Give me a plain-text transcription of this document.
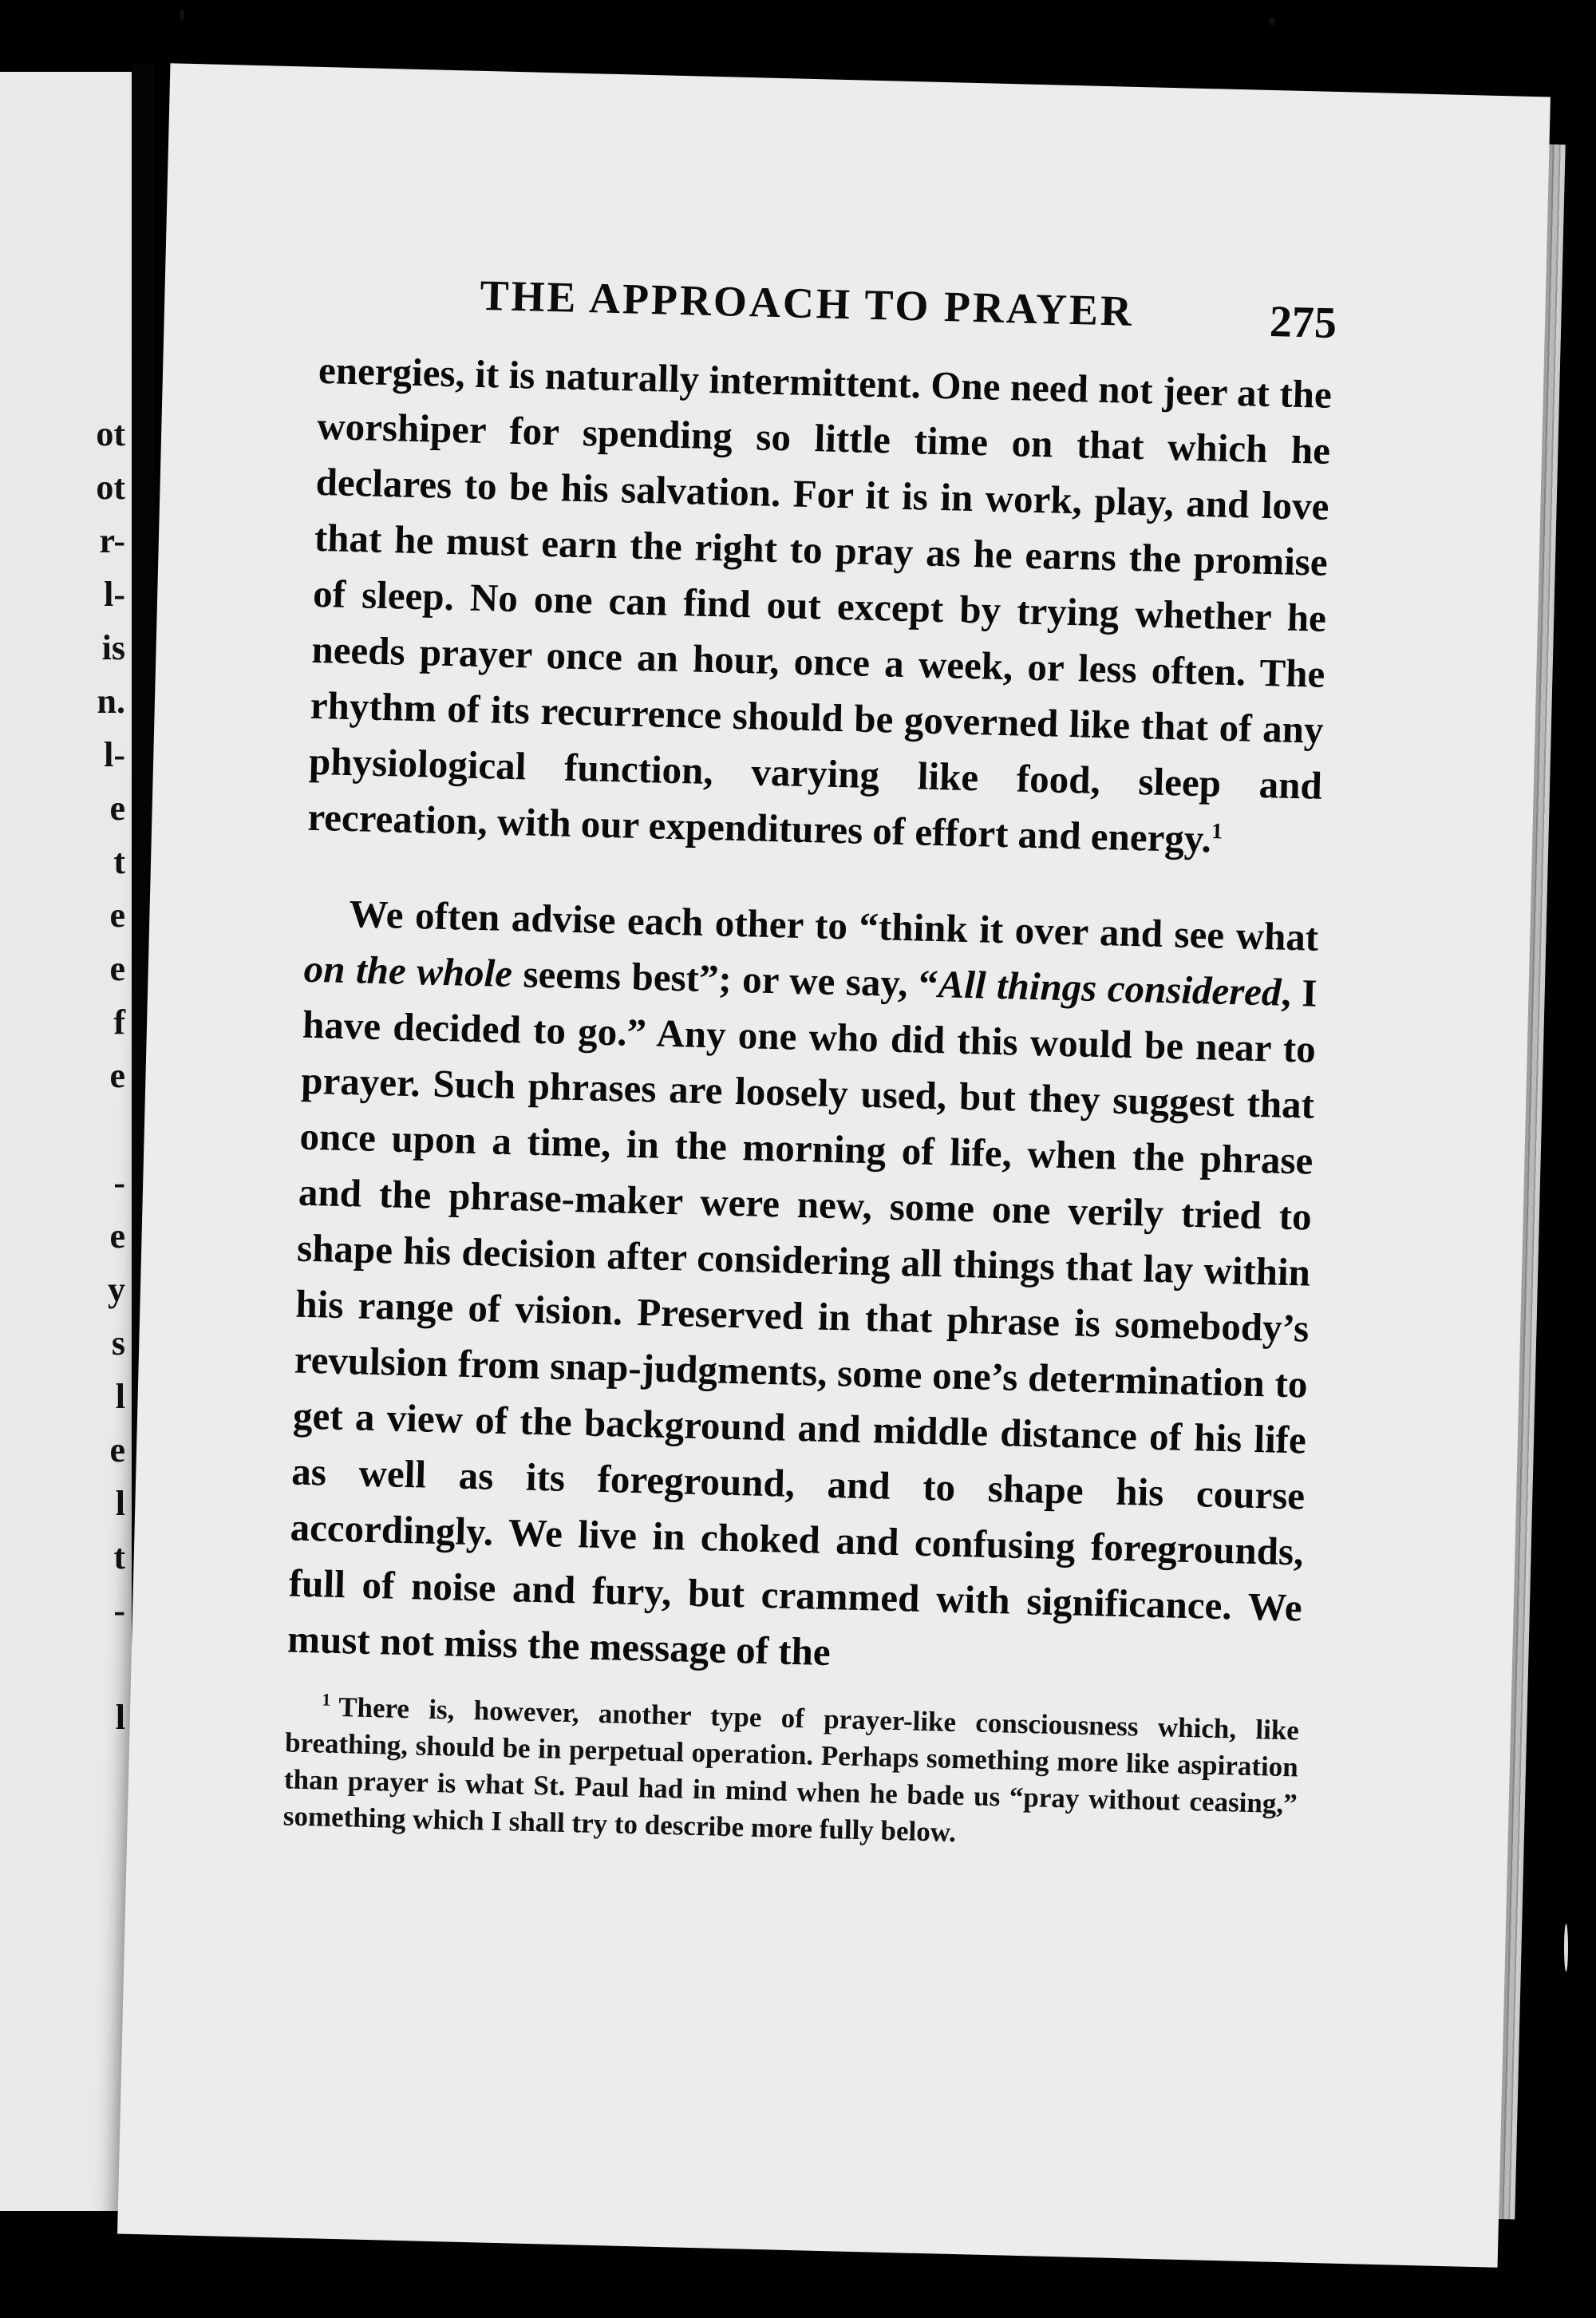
ot
ot
r-
l-
is
n.
l-
e
t
e
e
f
e
-
e
y
s
l
e
l
t
-
l
THE APPROACH TO PRAYER	275

energies, it is naturally intermittent. One need not jeer at the worshiper for spending so little time on that which he declares to be his salvation. For it is in work, play, and love that he must earn the right to pray as he earns the promise of sleep. No one can find out except by trying whether he needs prayer once an hour, once a week, or less often. The rhythm of its recurrence should be governed like that of any physiological function, varying like food, sleep and recreation, with our expenditures of effort and energy.$^1$

We often advise each other to “think it over and see what on the whole seems best”; or we say, “All things considered, I have decided to go.” Any one who did this would be near to prayer. Such phrases are loosely used, but they suggest that once upon a time, in the morning of life, when the phrase and the phrase-maker were new, some one verily tried to shape his decision after considering all things that lay within his range of vision. Preserved in that phrase is somebody’s revulsion from snap-judgments, some one’s determination to get a view of the background and middle distance of his life as well as its foreground, and to shape his course accordingly. We live in choked and confusing foregrounds, full of noise and fury, but crammed with significance. We must not miss the message of the

$^1$ There is, however, another type of prayer-like consciousness which, like breathing, should be in perpetual operation. Perhaps something more like aspiration than prayer is what St. Paul had in mind when he bade us “pray without ceasing,” something which I shall try to describe more fully below.
